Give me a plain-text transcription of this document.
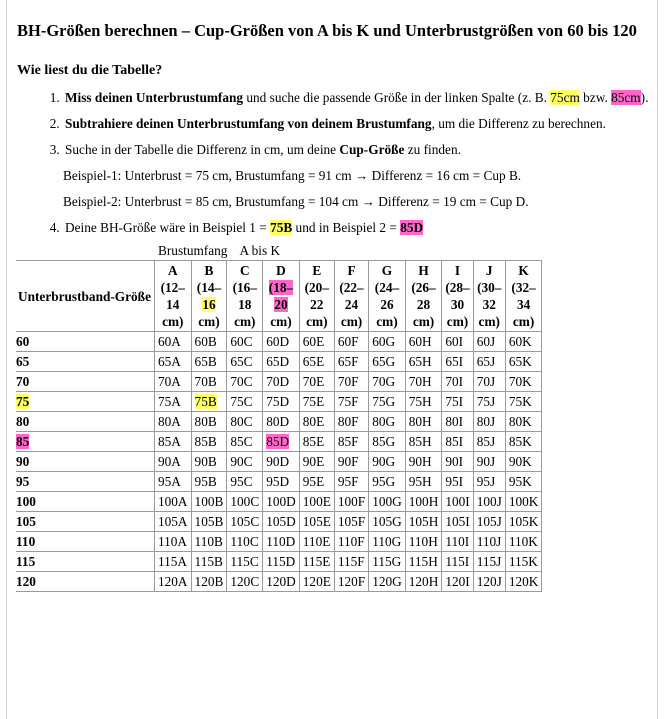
BH-Größen berechnen – Cup-Größen von A bis K und Unterbrustgrößen von 60 bis 120
Wie liest du die Tabelle?
1. Miss deinen Unterbrustumfang und suche die passende Größe in der linken Spalte (z. B. 75cm bzw. 85cm).
2. Subtrahiere deinen Unterbrustumfang von deinem Brustumfang, um die Differenz zu berechnen.
3. Suche in der Tabelle die Differenz in cm, um deine Cup-Größe zu finden.
Beispiel-1: Unterbrust = 75 cm, Brustumfang = 91 cm → Differenz = 16 cm = Cup B.
Beispiel-2: Unterbrust = 85 cm, Brustumfang = 104 cm → Differenz = 19 cm = Cup D.
4. Deine BH-Größe wäre in Beispiel 1 = 75B und in Beispiel 2 = 85D
Brustumfang A bis K
Unterbrustband-Größe	A
(12–
14
cm)	B
(14–
16
cm)	C
(16–
18
cm)	D
(18–
20
cm)	E
(20–
22
cm)	F
(22–
24
cm)	G
(24–
26
cm)	H
(26–
28
cm)	I
(28–
30
cm)	J
(30–
32
cm)	K
(32–
34
cm)
60	60A	60B	60C	60D	60E	60F	60G	60H	60I	60J	60K
65	65A	65B	65C	65D	65E	65F	65G	65H	65I	65J	65K
70	70A	70B	70C	70D	70E	70F	70G	70H	70I	70J	70K
75	75A	75B	75C	75D	75E	75F	75G	75H	75I	75J	75K
80	80A	80B	80C	80D	80E	80F	80G	80H	80I	80J	80K
85	85A	85B	85C	85D	85E	85F	85G	85H	85I	85J	85K
90	90A	90B	90C	90D	90E	90F	90G	90H	90I	90J	90K
95	95A	95B	95C	95D	95E	95F	95G	95H	95I	95J	95K
100	100A	100B	100C	100D	100E	100F	100G	100H	100I	100J	100K
105	105A	105B	105C	105D	105E	105F	105G	105H	105I	105J	105K
110	110A	110B	110C	110D	110E	110F	110G	110H	110I	110J	110K
115	115A	115B	115C	115D	115E	115F	115G	115H	115I	115J	115K
120	120A	120B	120C	120D	120E	120F	120G	120H	120I	120J	120K
